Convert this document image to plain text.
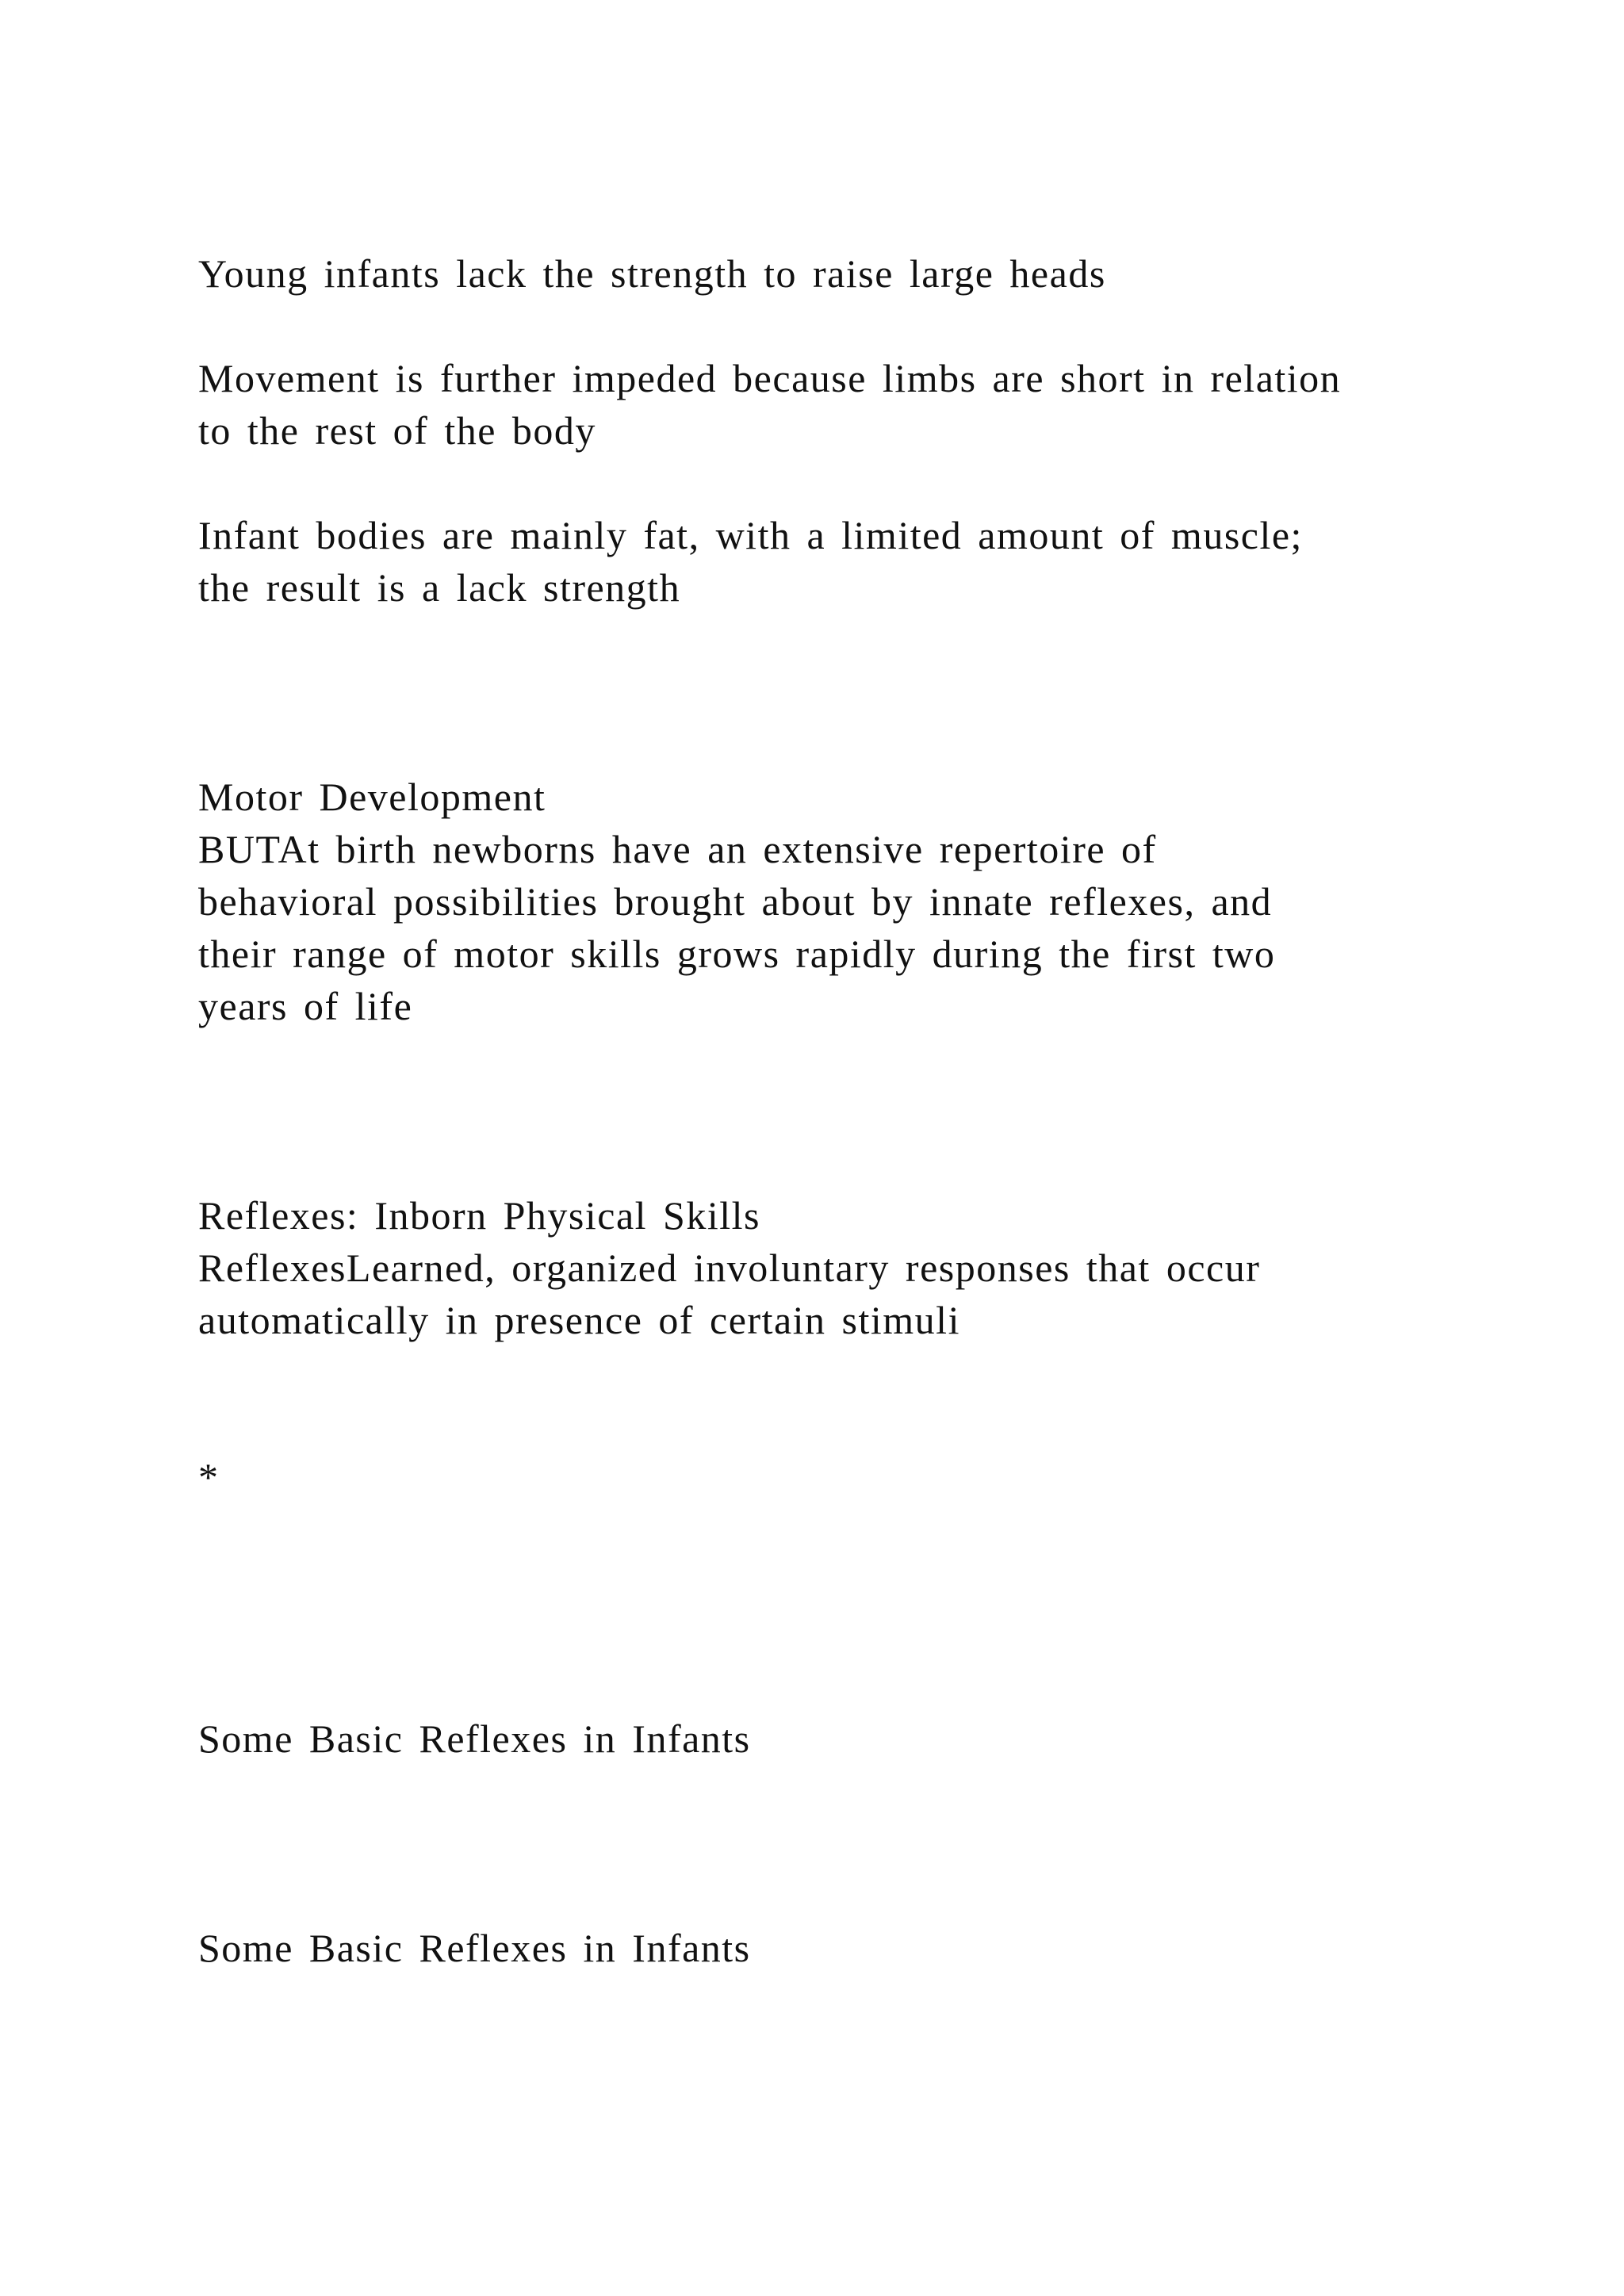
Young infants lack the strength to raise large heads

Movement is further impeded because limbs are short in relation

to the rest of the body

Infant bodies are mainly fat, with a limited amount of muscle;

the result is a lack strength

Motor Development

BUTAt birth newborns have an extensive repertoire of

behavioral possibilities brought about by innate reflexes, and

their range of motor skills grows rapidly during the first two

years of life

Reflexes: Inborn Physical Skills

ReflexesLearned, organized involuntary responses that occur

automatically in presence of certain stimuli

*

Some Basic Reflexes in Infants

Some Basic Reflexes in Infants
